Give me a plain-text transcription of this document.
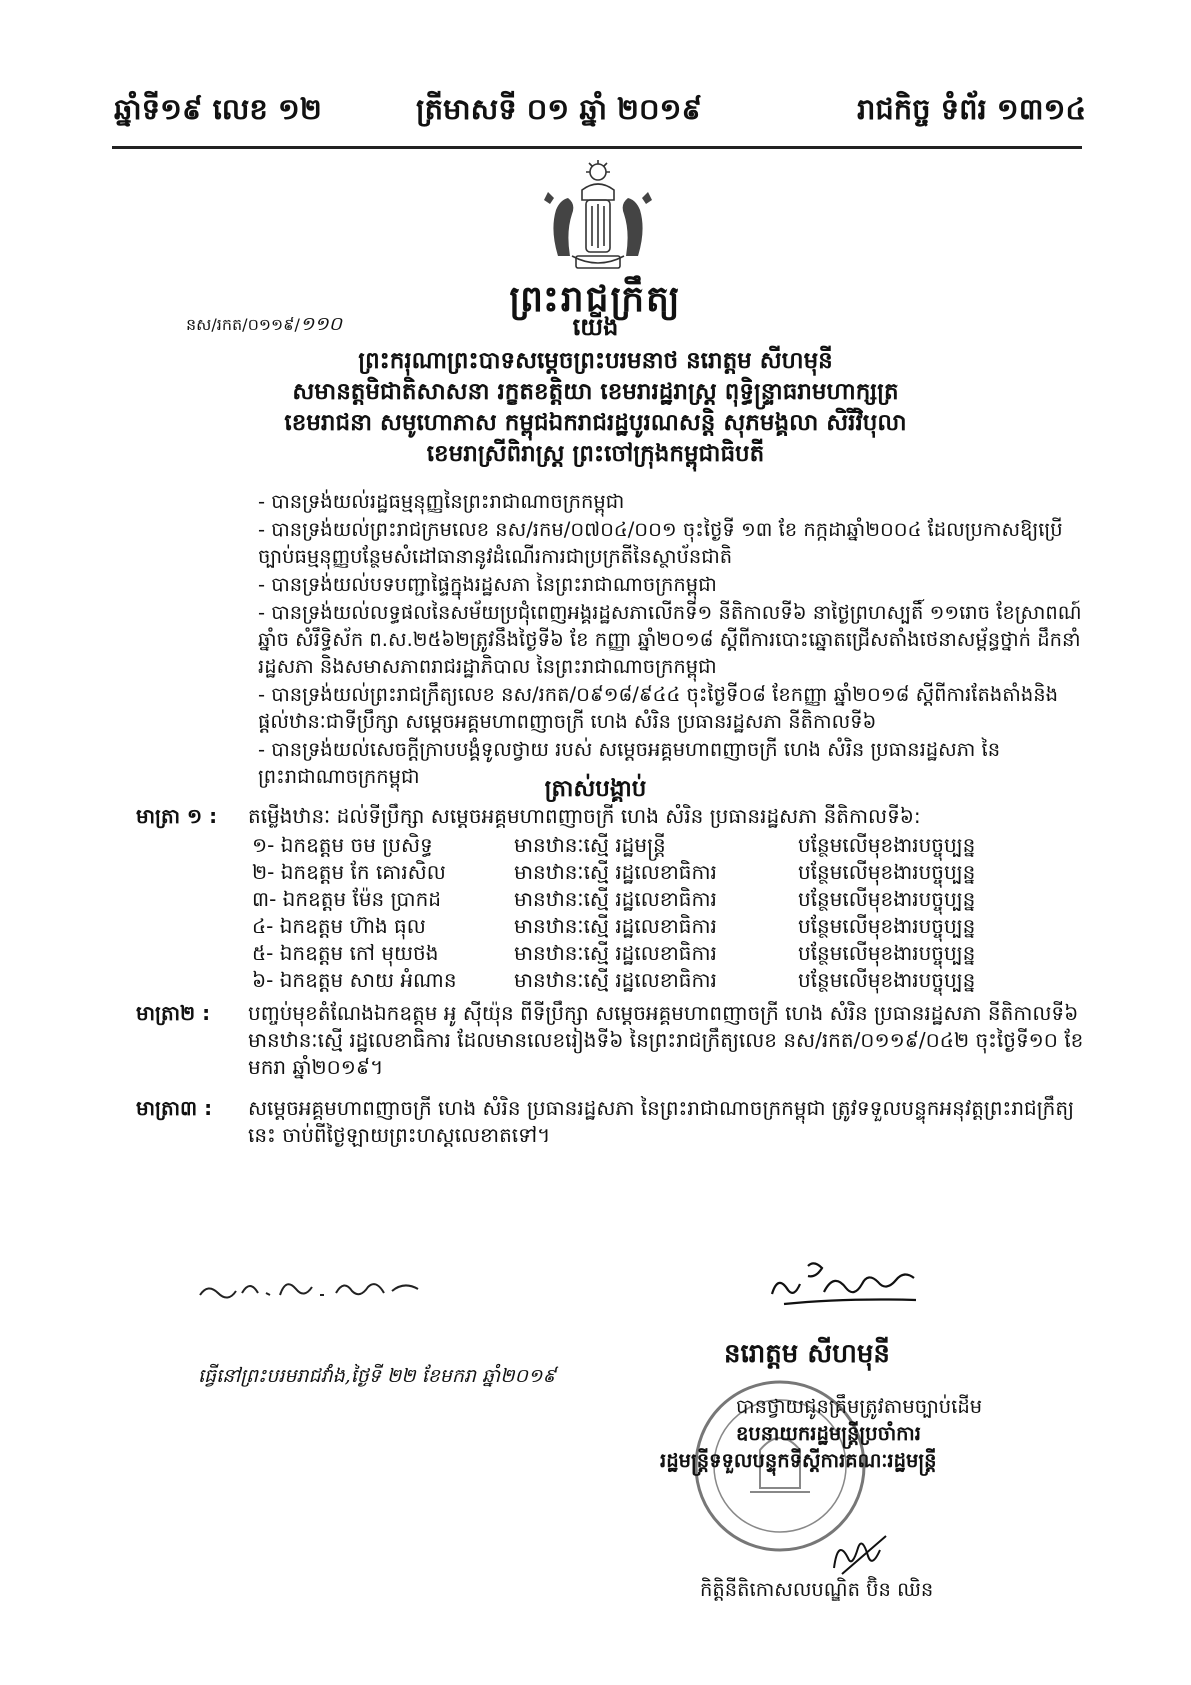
ឆ្នាំទី១៩ លេខ ១២	ត្រីមាសទី ០១ ឆ្នាំ ២០១៩	រាជកិច្ច ទំព័រ ១៣១៤
ព្រះរាជក្រឹត្យ
នស/រកត/០១១៩/១១០	យើង
ព្រះករុណាព្រះបាទសម្តេចព្រះបរមនាថ នរោត្តម សីហមុនី
សមានត្តមិជាតិសាសនា រក្ខតខត្តិយា ខេមរារដ្ឋរាស្ត្រ ពុទ្ធិន្ទ្រាធរាមហាក្សត្រ
ខេមរាជនា សមូហោភាស កម្ពុជឯករាជរដ្ឋបូរណសន្តិ សុភមង្គលា សិរីវិបុលា
ខេមរាស្រីពិរាស្ត្រ ព្រះចៅក្រុងកម្ពុជាធិបតី
- បានទ្រង់យល់រដ្ឋធម្មនុញ្ញនៃព្រះរាជាណាចក្រកម្ពុជា
- បានទ្រង់យល់ព្រះរាជក្រមលេខ នស/រកម/០៧០៤/០០១ ចុះថ្ងៃទី ១៣ ខែ កក្កដាឆ្នាំ២០០៤ ដែលប្រកាសឱ្យប្រើច្បាប់ធម្មនុញ្ញបន្ថែមសំដៅធានានូវដំណើរការជាប្រក្រតីនៃស្ថាប័នជាតិ
- បានទ្រង់យល់បទបញ្ជាផ្ទៃក្នុងរដ្ឋសភា នៃព្រះរាជាណាចក្រកម្ពុជា
- បានទ្រង់យល់លទ្ធផលនៃសម័យប្រជុំពេញអង្គរដ្ឋសភាលើកទី១ នីតិកាលទី៦ នាថ្ងៃព្រហស្បតិ៍ ១១រោច ខែស្រាពណ៍ ឆ្នាំច សំរឹទ្ធិស័ក ព.ស.២៥៦២ត្រូវនឹងថ្ងៃទី៦ ខែ កញ្ញា ឆ្នាំ២០១៨ ស្តីពីការបោះឆ្នោតជ្រើសតាំងថេនាសម្ព័ន្ធថ្នាក់ ដឹកនាំរដ្ឋសភា និងសមាសភាពរាជរដ្ឋាភិបាល នៃព្រះរាជាណាចក្រកម្ពុជា
- បានទ្រង់យល់ព្រះរាជក្រឹត្យលេខ នស/រកត/០៩១៨/៩៤៤ ចុះថ្ងៃទី០៨ ខែកញ្ញា ឆ្នាំ២០១៨ ស្តីពីការតែងតាំងនិងផ្តល់ឋានៈជាទីប្រឹក្សា សម្តេចអគ្គមហាពញាចក្រី ហេង សំរិន ប្រធានរដ្ឋសភា នីតិកាលទី៦
- បានទ្រង់យល់សេចក្តីក្រាបបង្គំទូលថ្វាយ របស់ សម្តេចអគ្គមហាពញាចក្រី ហេង សំរិន ប្រធានរដ្ឋសភា នៃព្រះរាជាណាចក្រកម្ពុជា	ត្រាស់បង្គាប់
មាត្រា ១ :	តម្លើងឋានៈ ដល់ទីប្រឹក្សា សម្តេចអគ្គមហាពញាចក្រី ហេង សំរិន ប្រធានរដ្ឋសភា នីតិកាលទី៦:
១- ឯកឧត្តម ចម ប្រសិទ្ធ	មានឋានៈស្មើ រដ្ឋមន្ត្រី	បន្ថែមលើមុខងារបច្ចុប្បន្ន
២- ឯកឧត្តម កែ គោរសិល	មានឋានៈស្មើ រដ្ឋលេខាធិការ	បន្ថែមលើមុខងារបច្ចុប្បន្ន
៣- ឯកឧត្តម ម៉ែន ប្រាកដ	មានឋានៈស្មើ រដ្ឋលេខាធិការ	បន្ថែមលើមុខងារបច្ចុប្បន្ន
៤- ឯកឧត្តម ហ៊ាង ធុល	មានឋានៈស្មើ រដ្ឋលេខាធិការ	បន្ថែមលើមុខងារបច្ចុប្បន្ន
៥- ឯកឧត្តម កៅ មុយថង	មានឋានៈស្មើ រដ្ឋលេខាធិការ	បន្ថែមលើមុខងារបច្ចុប្បន្ន
៦- ឯកឧត្តម សាយ អំណាន	មានឋានៈស្មើ រដ្ឋលេខាធិការ	បន្ថែមលើមុខងារបច្ចុប្បន្ន
មាត្រា២ : បញ្ចប់មុខតំណែងឯកឧត្តម អូ ស៊ីយ៉ុន ពីទីប្រឹក្សា សម្តេចអគ្គមហាពញាចក្រី ហេង សំរិន ប្រធានរដ្ឋសភា នីតិកាលទី៦ មានឋានៈស្មើ រដ្ឋលេខាធិការ ដែលមានលេខរៀងទី៦ នៃព្រះរាជក្រឹត្យលេខ នស/រកត/០១១៩/០៤២ ចុះថ្ងៃទី១០ ខែមករា ឆ្នាំ២០១៩។
មាត្រា៣ : សម្តេចអគ្គមហាពញាចក្រី ហេង សំរិន ប្រធានរដ្ឋសភា នៃព្រះរាជាណាចក្រកម្ពុជា ត្រូវទទួលបន្ទុកអនុវត្តព្រះរាជក្រឹត្យនេះ ចាប់ពីថ្ងៃឡាយព្រះហស្តលេខាតទៅ។
ធ្វើនៅព្រះបរមរាជវាំង,ថ្ងៃទី ២២ ខែមករា ឆ្នាំ២០១៩
នរោត្តម សីហមុនី
បានថ្វាយជូនគ្រឹមត្រូវតាមច្បាប់ដើម
ឧបនាយករដ្ឋមន្ត្រីប្រចាំការ
រដ្ឋមន្ត្រីទទួលបន្ទុកទីស្តីការគណៈរដ្ឋមន្ត្រី
កិត្តិនីតិកោសលបណ្ឌិត ប៊ិន ឈិន
